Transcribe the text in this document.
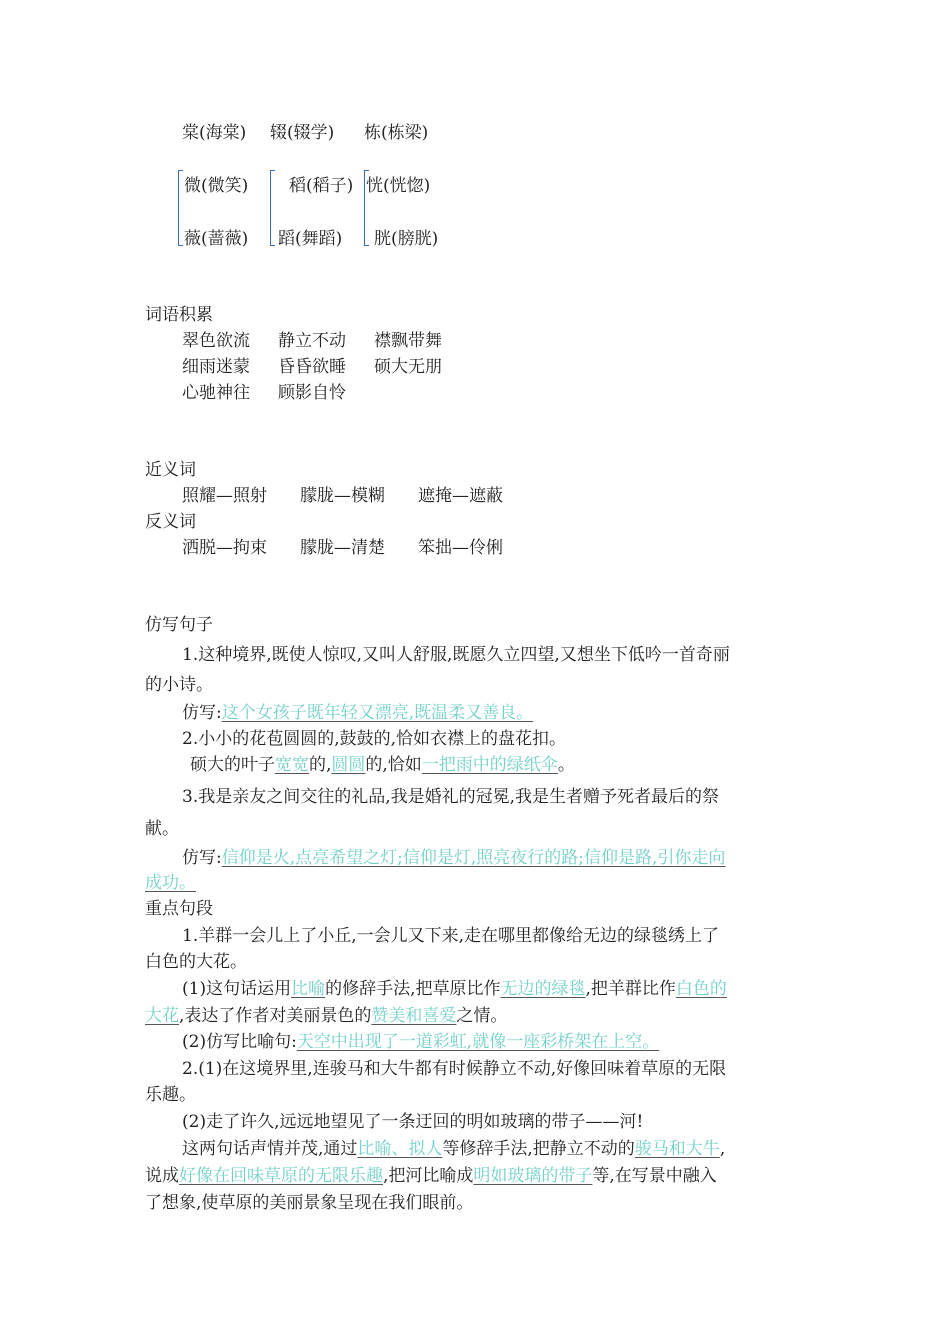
棠(海棠) 辍(辍学) 栋(栋梁)
微(微笑)
薇(蔷薇)
稻(稻子)
蹈(舞蹈)
恍(恍惚)
胱(膀胱)
词语积累
翠色欲流 静立不动 襟飘带舞
细雨迷蒙 昏昏欲睡 硕大无朋
心驰神往 顾影自怜
近义词
照耀—照射 朦胧—模糊 遮掩—遮蔽
反义词
洒脱—拘束 朦胧—清楚 笨拙—伶俐
仿写句子
1.这种境界,既使人惊叹,又叫人舒服,既愿久立四望,又想坐下低吟一首奇丽
的小诗。
仿写:这个女孩子既年轻又漂亮,既温柔又善良。
2.小小的花苞圆圆的,鼓鼓的,恰如衣襟上的盘花扣。
硕大的叶子宽宽的,圆圆的,恰如一把雨中的绿纸伞。
3.我是亲友之间交往的礼品,我是婚礼的冠冕,我是生者赠予死者最后的祭
献。
仿写:信仰是火,点亮希望之灯;信仰是灯,照亮夜行的路;信仰是路,引你走向
成功。
重点句段
1.羊群一会儿上了小丘,一会儿又下来,走在哪里都像给无边的绿毯绣上了
白色的大花。
(1)这句话运用比喻的修辞手法,把草原比作无边的绿毯,把羊群比作白色的
大花,表达了作者对美丽景色的赞美和喜爱之情。
(2)仿写比喻句:天空中出现了一道彩虹,就像一座彩桥架在上空。
2.(1)在这境界里,连骏马和大牛都有时候静立不动,好像回味着草原的无限
乐趣。
(2)走了许久,远远地望见了一条迂回的明如玻璃的带子——河!
这两句话声情并茂,通过比喻、拟人等修辞手法,把静立不动的骏马和大牛,
说成好像在回味草原的无限乐趣,把河比喻成明如玻璃的带子等,在写景中融入
了想象,使草原的美丽景象呈现在我们眼前。
